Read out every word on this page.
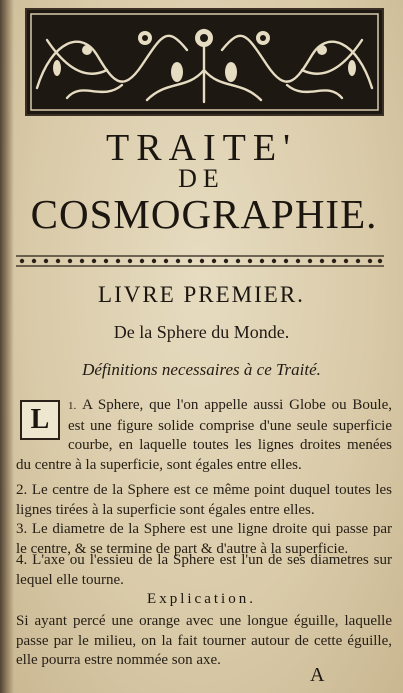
TRAITE'
DE
COSMOGRAPHIE.
LIVRE PREMIER.
De la Sphere du Monde.
Définitions necessaires à ce Traité.
1.
L	A Sphere, que l'on appelle aussi Globe ou Boule, est une figure solide comprise d'une seule superficie courbe, en laquelle toutes les lignes droites menées du centre à la superficie, sont égales entre elles.
2. Le centre de la Sphere est ce même point duquel toutes les lignes tirées à la superficie sont égales entre elles.
3. Le diametre de la Sphere est une ligne droite qui passe par le centre, & se termine de part & d'autre à la superficie.
4. L'axe ou l'essieu de la Sphere est l'un de ses diametres sur lequel elle tourne.
Explication.
Si ayant percé une orange avec une longue éguille, laquelle passe par le milieu, on la fait tourner autour de cette éguille, elle pourra estre nommée son axe.
A
